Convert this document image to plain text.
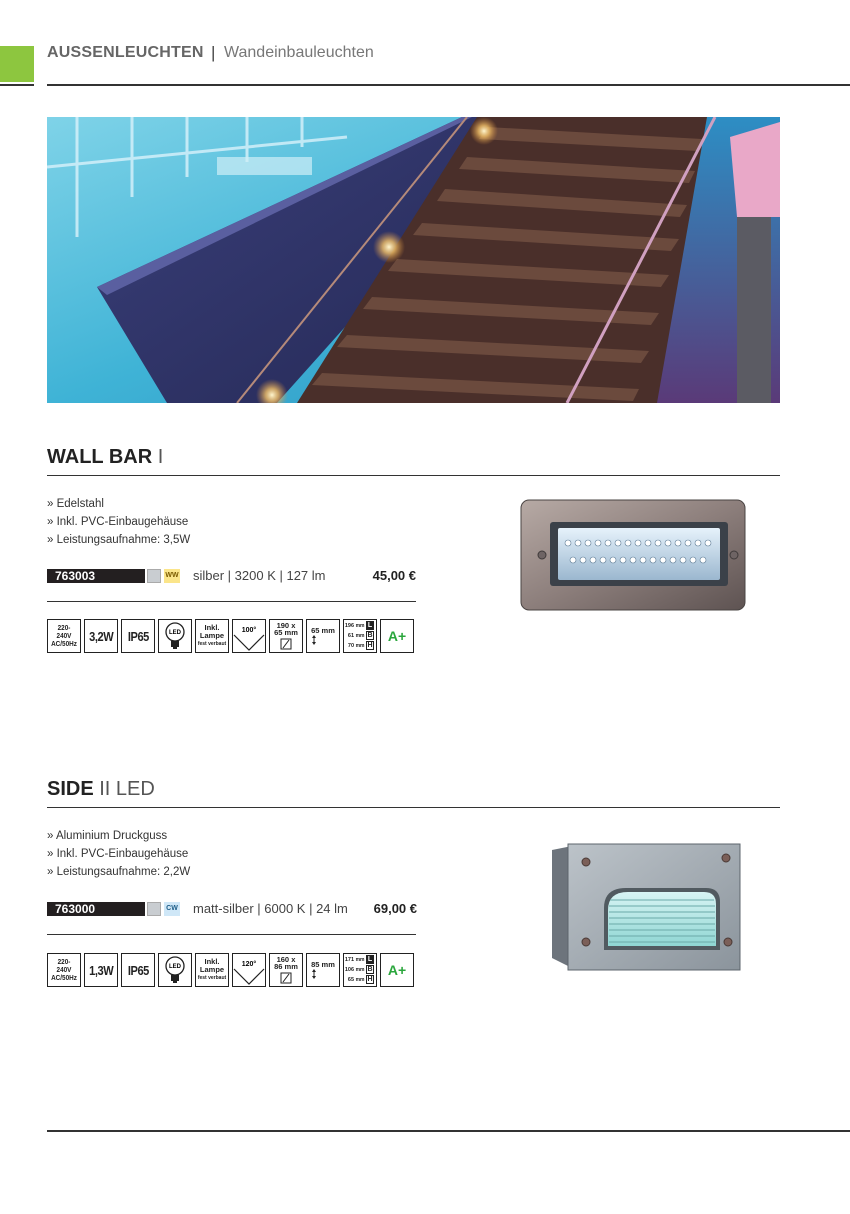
AUSSENLEUCHTEN | Wandeinbauleuchten
WALL BAR I
» Edelstahl
» Inkl. PVC-Einbaugehäuse
» Leistungsaufnahme: 3,5W
763003	WW silber | 3200 K | 127 lm	45,00 €
220-240V
AC/50Hz 3,2W IP65	LED
Inkl.
Lampe
fest verbaut
100°
190 x
65 mm 65 mm 196 mm L
61 mm B
70 mm H
A+
SIDE II LED
» Aluminium Druckguss
» Inkl. PVC-Einbaugehäuse
» Leistungsaufnahme: 2,2W
763000	CW matt-silber | 6000 K | 24 lm	69,00 €
220-240V
AC/50Hz 1,3W IP65	LED
Inkl.
Lampe
fest verbaut
120°
160 x
86 mm 85 mm 171 mm L
106 mm B
65 mm H
A+
